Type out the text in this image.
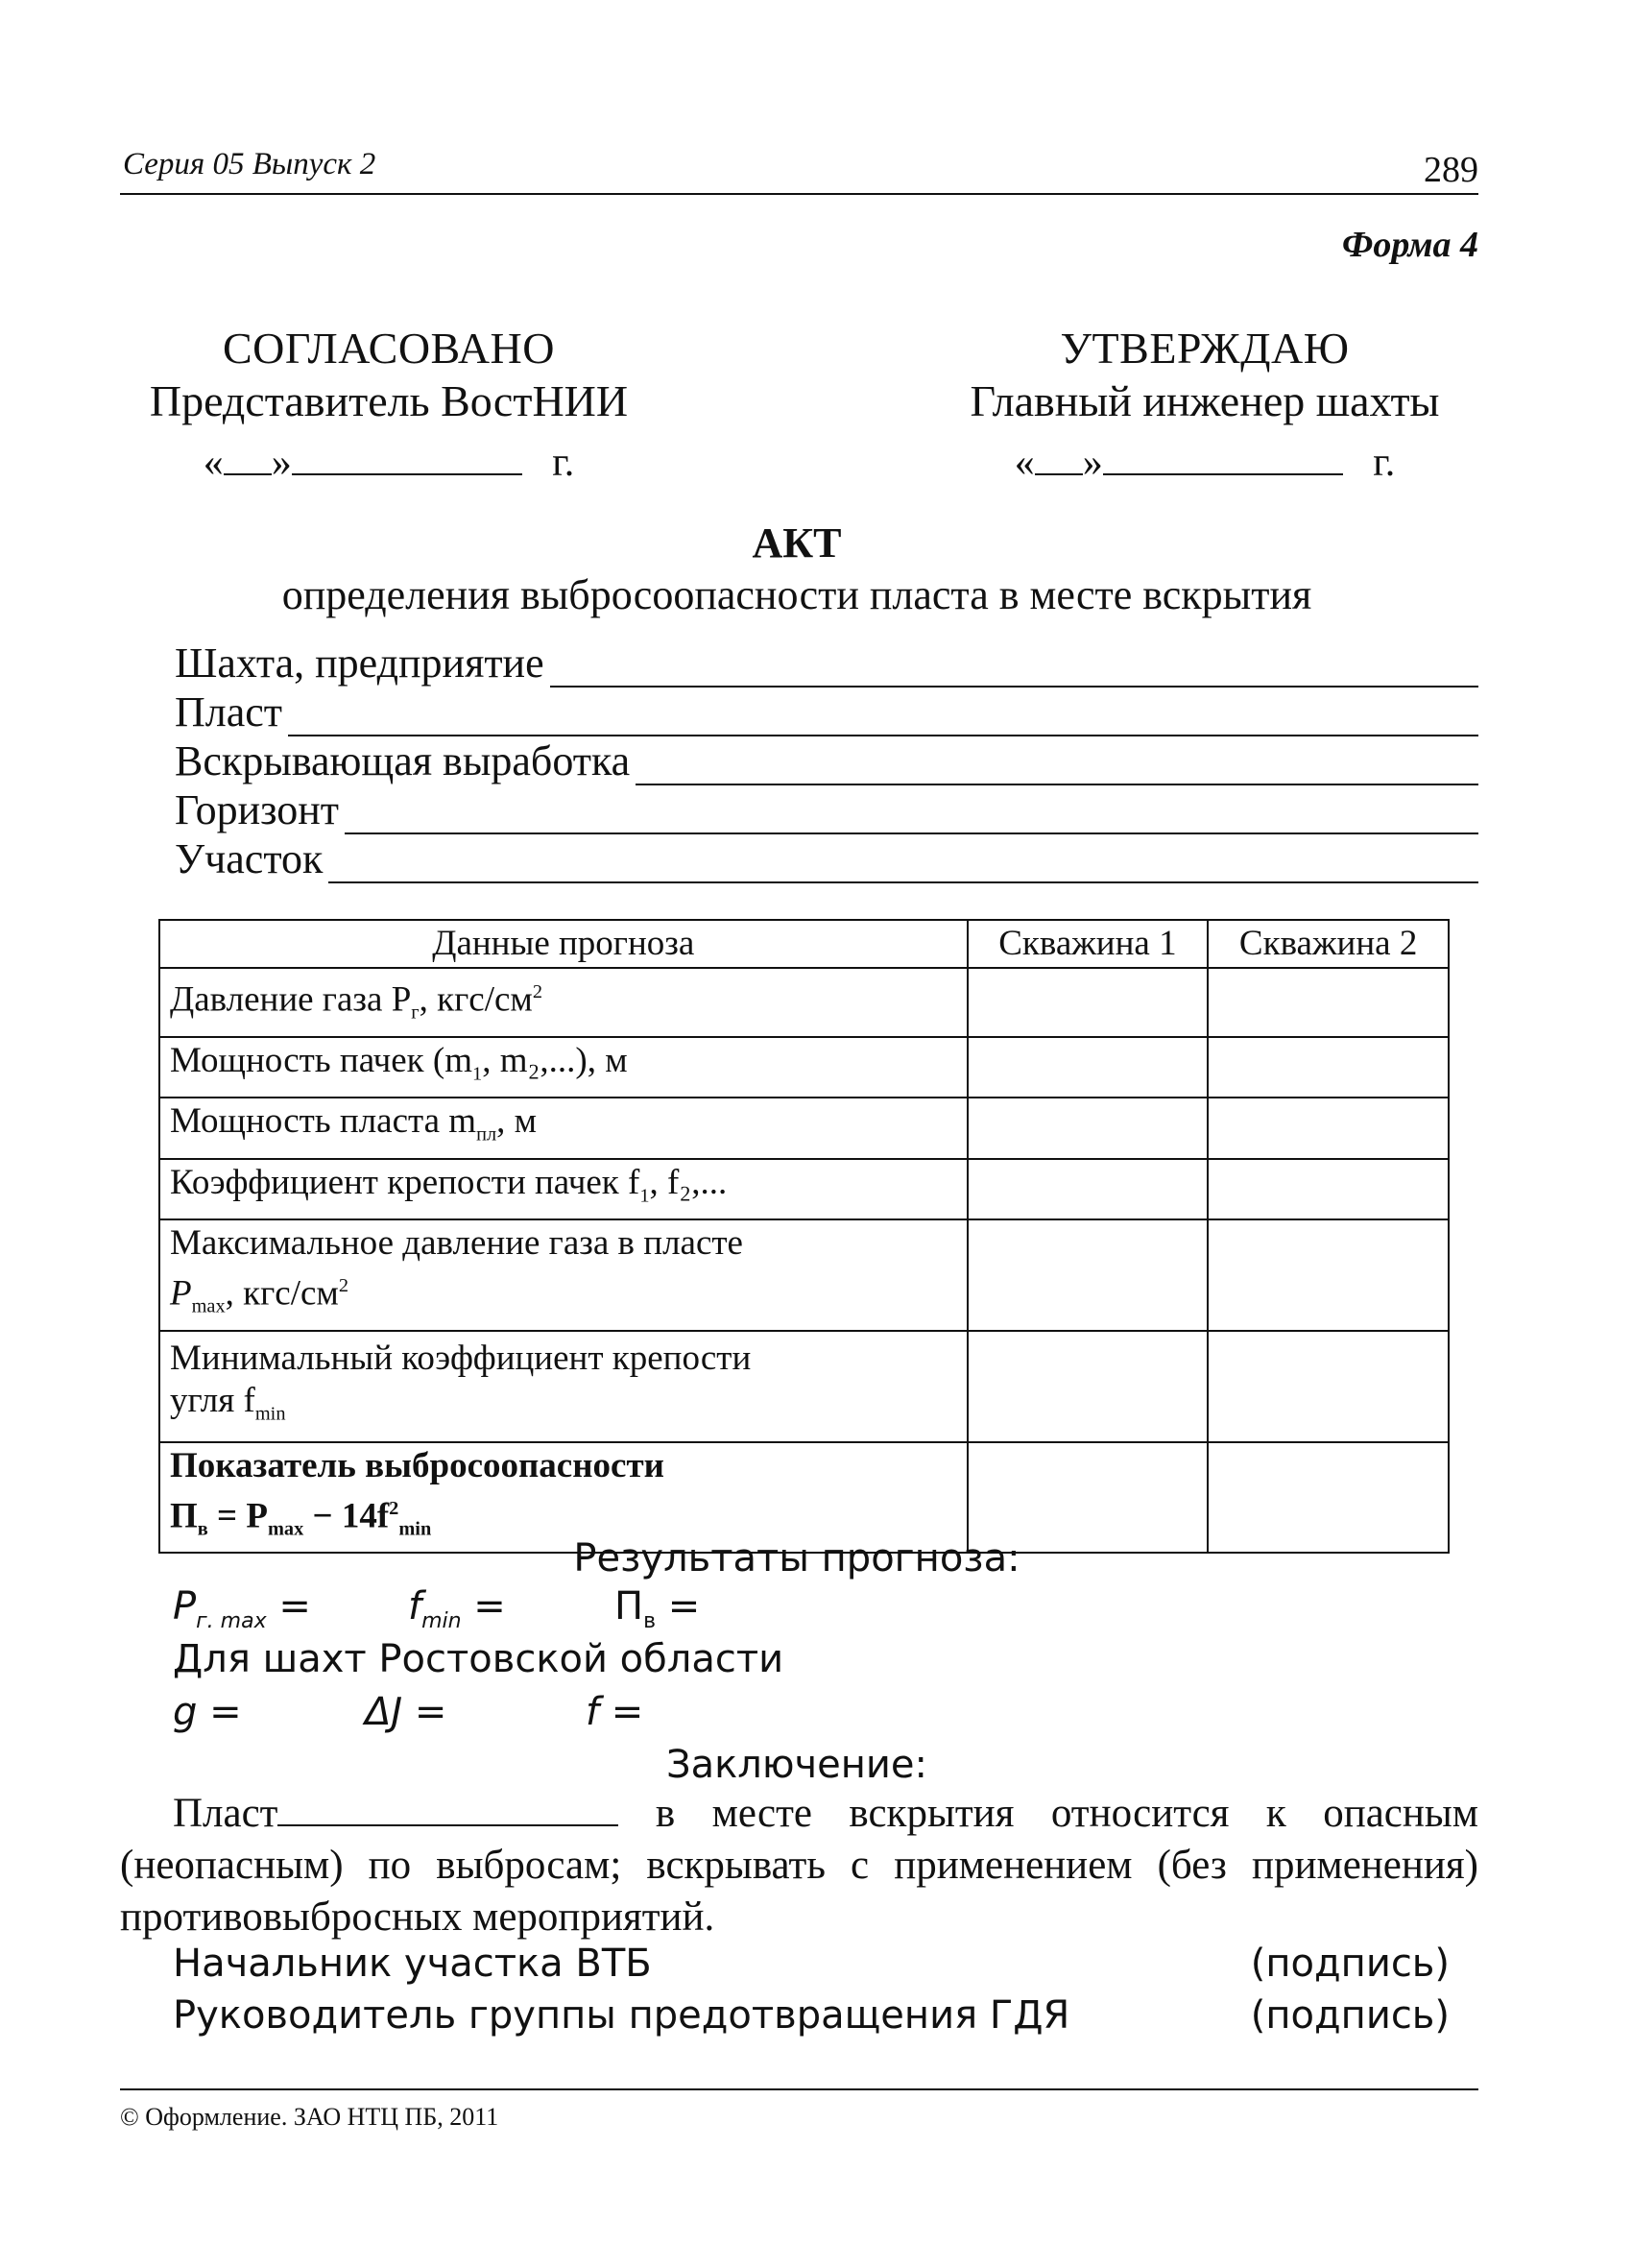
Серия 05 Выпуск 2	289
Форма 4
СОГЛАСОВАНО
Представитель ВостНИИ
« »	г.
УТВЕРЖДАЮ
Главный инженер шахты
« »	г.
АКТ
определения выбросоопасности пласта в месте вскрытия
Шахта, предприятие
Пласт
Вскрывающая выработка
Горизонт
Участок
Данные прогноза	Скважина 1	Скважина 2
Давление газа $P_г$, кгс/$см^2$		
Мощность пачек ($m_1$, m₂,...), м		
Мощность пласта $m_{пл}$, м		
Коэффициент крепости пачек $f_1$, f₂,...		

Максимальное давление газа в пласте
$P_{max}$, кгс/$см^2$

Минимальный коэффициент крепости
угля $f_{min}$

Показатель выбросоопасности
$П_в = P_{max} - 14f^2_{min}$

Результаты прогноза:
$P_{г. max}$ =	$f_{min}$ =	$П_в$ =
Для шахт Ростовской области
g =	ΔJ =	f =
Заключение:
Пласт	в месте вскрытия относится к опасным (неопасным) по выбросам; вскрывать с применением (без применения) противовыбросных мероприятий.
Начальник участка ВТБ	(подпись)
Руководитель группы предотвращения ГДЯ	(подпись)
© Оформление. ЗАО НТЦ ПБ, 2011
